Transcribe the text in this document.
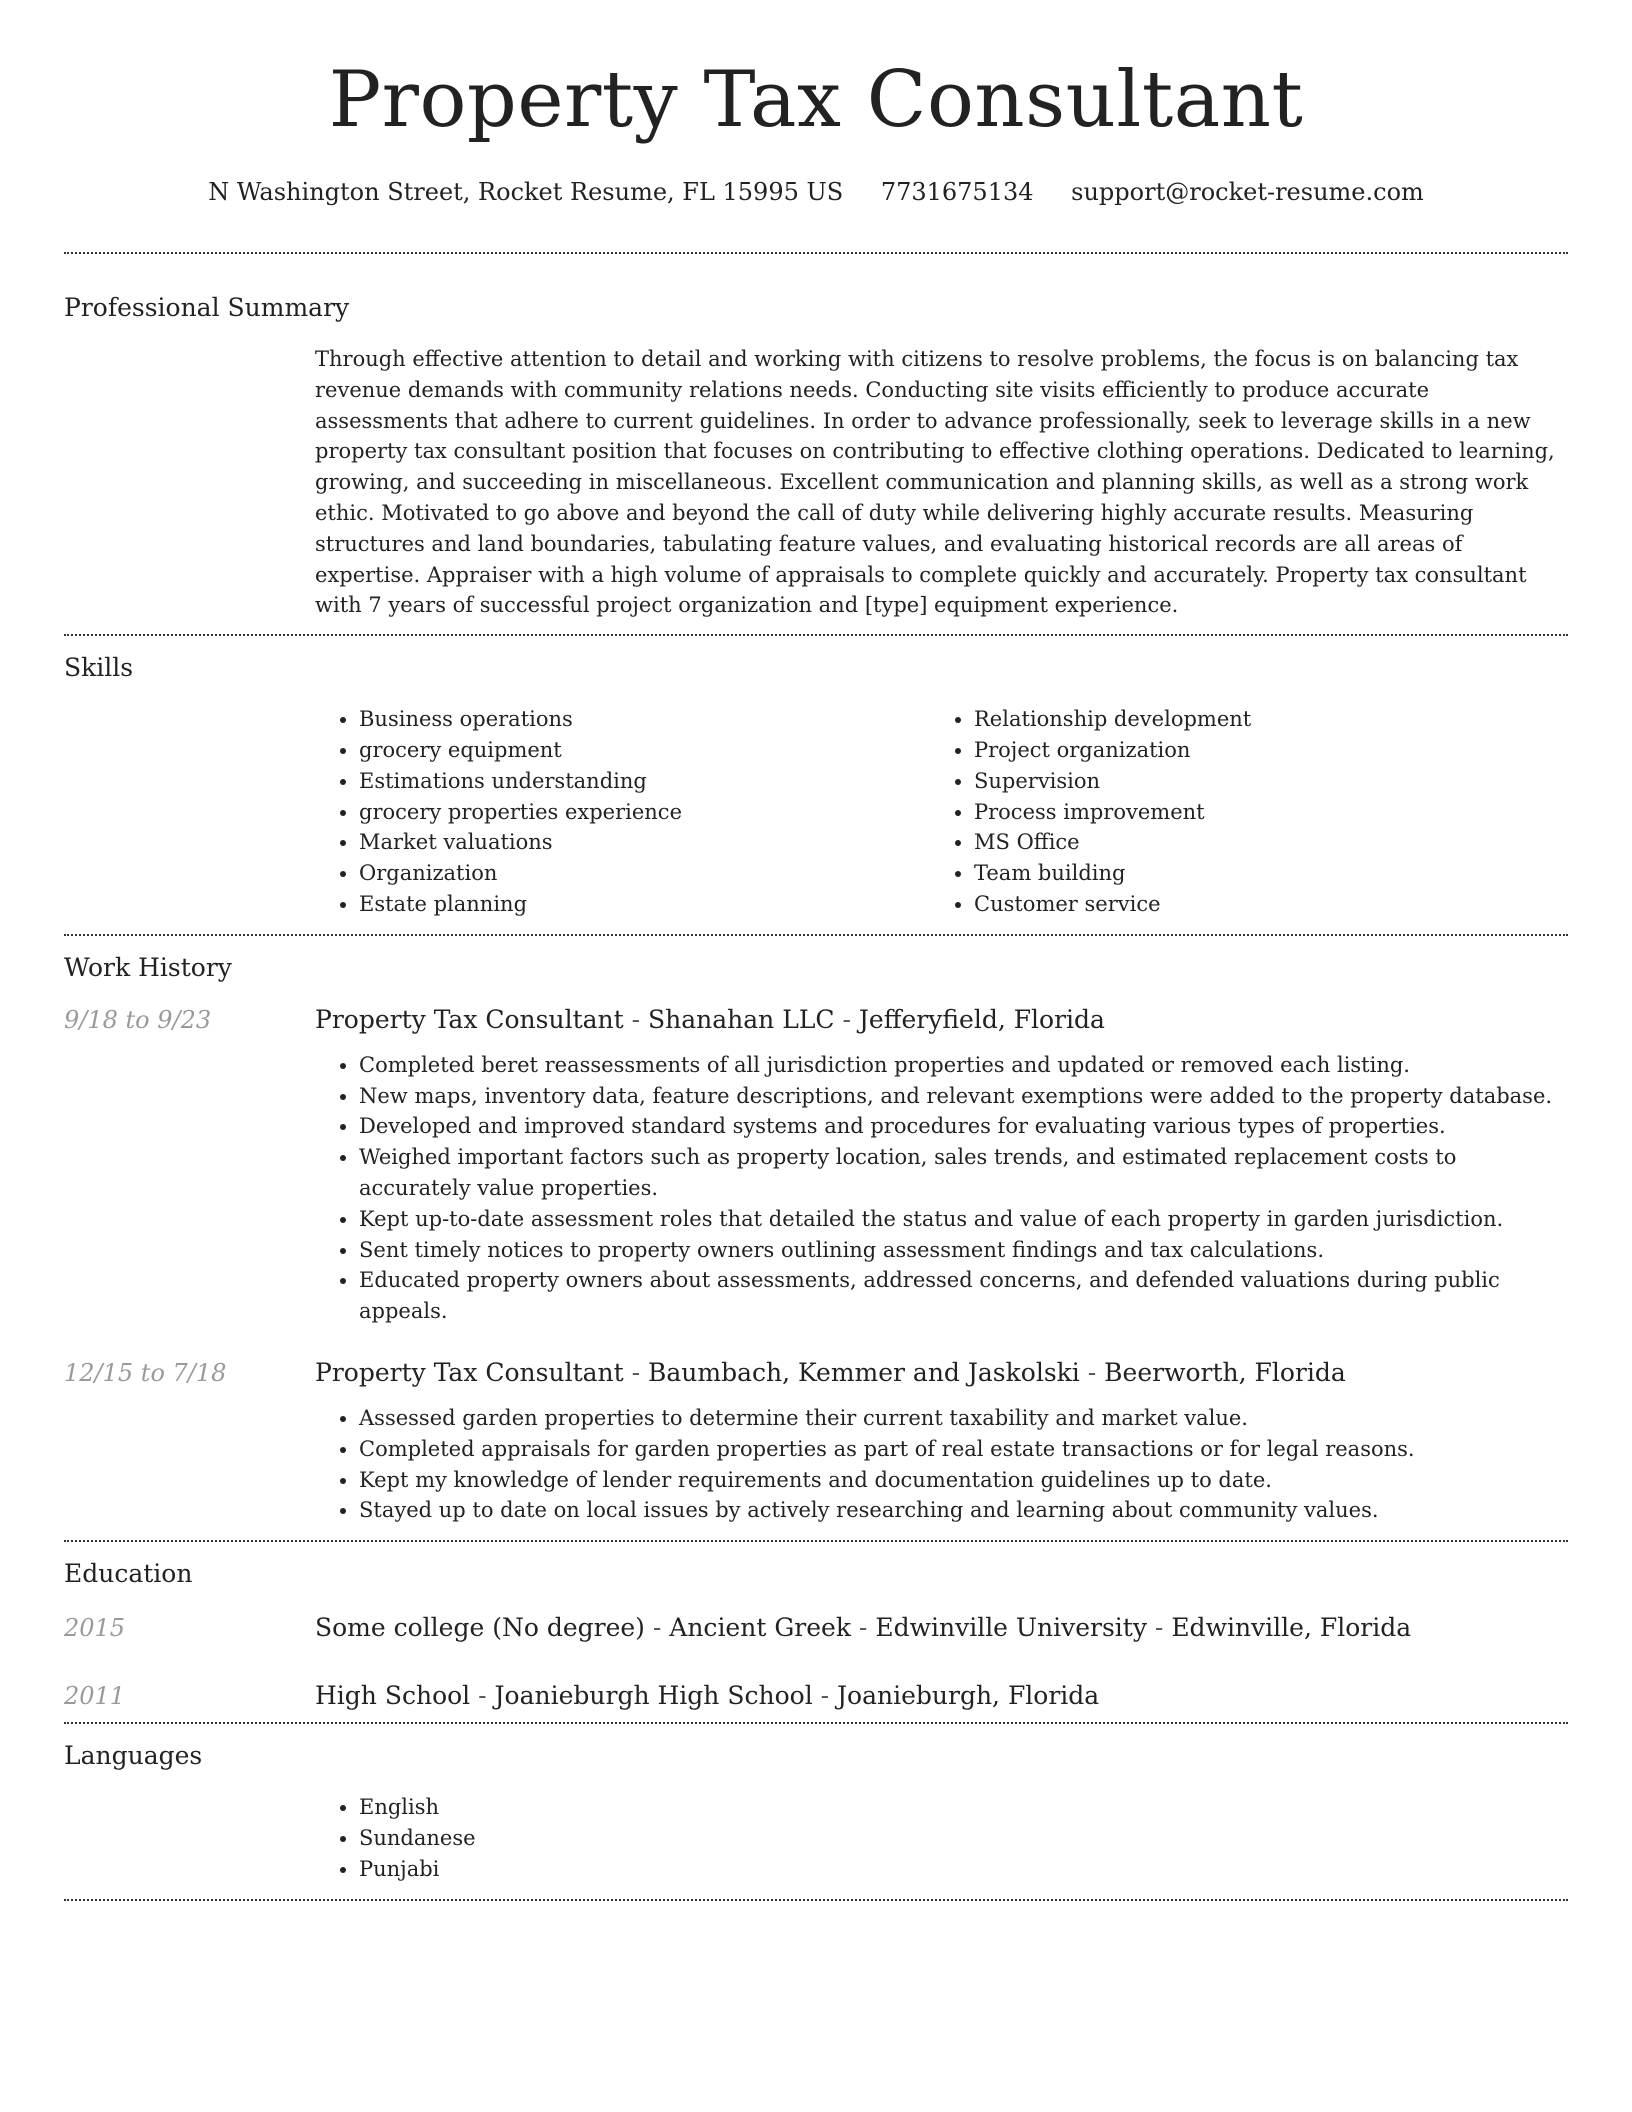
Property Tax Consultant
N Washington Street, Rocket Resume, FL 15995 US 7731675134 support@rocket-resume.com
Professional Summary

Through effective attention to detail and working with citizens to resolve problems, the focus is on balancing tax revenue demands with community relations needs. Conducting site visits efficiently to produce accurate assessments that adhere to current guidelines. In order to advance professionally, seek to leverage skills in a new property tax consultant position that focuses on contributing to effective clothing operations. Dedicated to learning, growing, and succeeding in miscellaneous. Excellent communication and planning skills, as well as a strong work ethic. Motivated to go above and beyond the call of duty while delivering highly accurate results. Measuring structures and land boundaries, tabulating feature values, and evaluating historical records are all areas of expertise. Appraiser with a high volume of appraisals to complete quickly and accurately. Property tax consultant with 7 years of successful project organization and [type] equipment experience.

Skills
• Business operations
• grocery equipment
• Estimations understanding
• grocery properties experience
• Market valuations
• Organization
• Estate planning
• Relationship development
• Project organization
• Supervision
• Process improvement
• MS Office
• Team building
• Customer service
Work History
9/18 to 9/23	Property Tax Consultant - Shanahan LLC - Jefferyfield, Florida
• Completed beret reassessments of all jurisdiction properties and updated or removed each listing.
• New maps, inventory data, feature descriptions, and relevant exemptions were added to the property database.
• Developed and improved standard systems and procedures for evaluating various types of properties.
• Weighed important factors such as property location, sales trends, and estimated replacement costs to accurately value properties.
• Kept up-to-date assessment roles that detailed the status and value of each property in garden jurisdiction.
• Sent timely notices to property owners outlining assessment findings and tax calculations.
• Educated property owners about assessments, addressed concerns, and defended valuations during public appeals.
12/15 to 7/18	Property Tax Consultant - Baumbach, Kemmer and Jaskolski - Beerworth, Florida
• Assessed garden properties to determine their current taxability and market value.
• Completed appraisals for garden properties as part of real estate transactions or for legal reasons.
• Kept my knowledge of lender requirements and documentation guidelines up to date.
• Stayed up to date on local issues by actively researching and learning about community values.
Education
2015	Some college (No degree) - Ancient Greek - Edwinville University - Edwinville, Florida
2011	High School - Joanieburgh High School - Joanieburgh, Florida
Languages
• English
• Sundanese
• Punjabi
